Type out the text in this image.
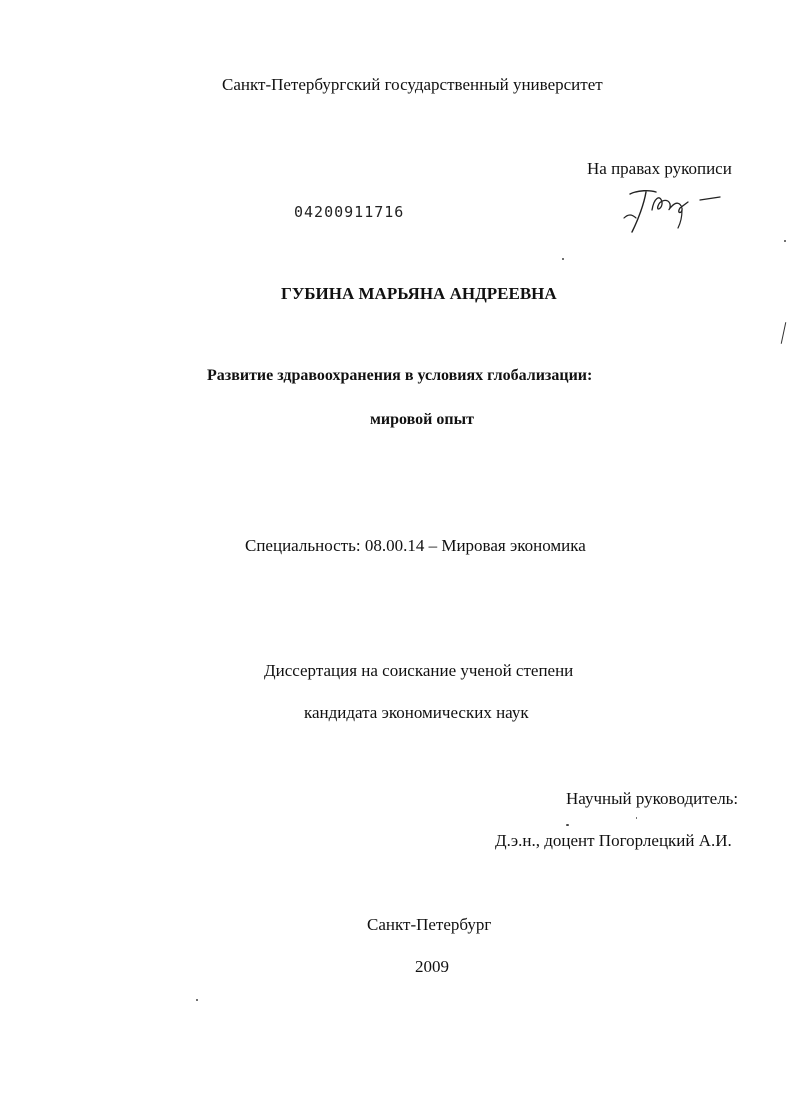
Санкт-Петербургский государственный университет
На правах рукописи
04200911716
ГУБИНА МАРЬЯНА АНДРЕЕВНА
Развитие здравоохранения в условиях глобализации:
мировой опыт
Специальность: 08.00.14 – Мировая экономика
Диссертация на соискание ученой степени
кандидата экономических наук
Научный руководитель:
Д.э.н., доцент Погорлецкий А.И.
Санкт-Петербург
2009
